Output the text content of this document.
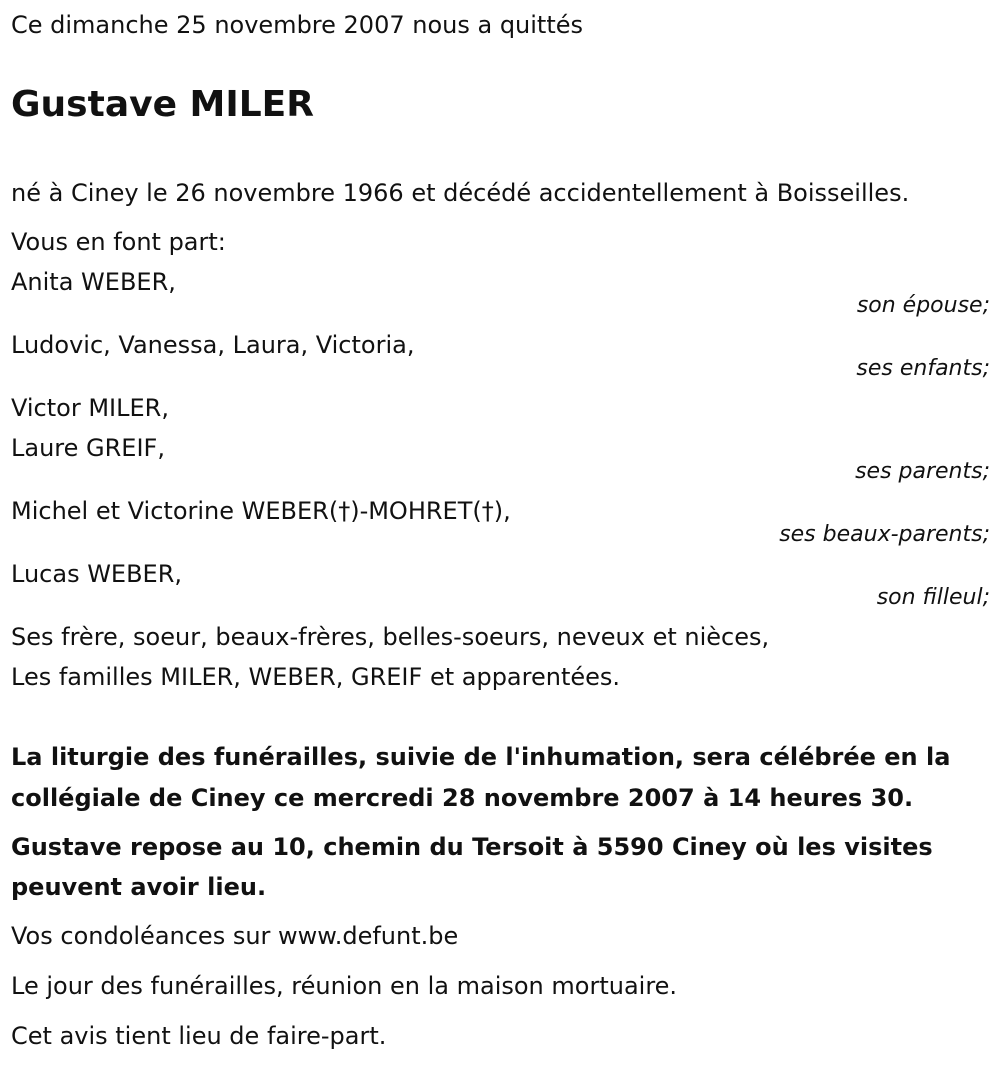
Ce dimanche 25 novembre 2007 nous a quittés
Gustave MILER
né à Ciney le 26 novembre 1966 et décédé accidentellement à Boisseilles.
Vous en font part:
Anita WEBER,
son épouse;
Ludovic, Vanessa, Laura, Victoria,
ses enfants;
Victor MILER,
Laure GREIF,
ses parents;
Michel et Victorine WEBER(†)-MOHRET(†),
ses beaux-parents;
Lucas WEBER,
son filleul;
Ses frère, soeur, beaux-frères, belles-soeurs, neveux et nièces,
Les familles MILER, WEBER, GREIF et apparentées.
La liturgie des funérailles, suivie de l'inhumation, sera célébrée en la
collégiale de Ciney ce mercredi 28 novembre 2007 à 14 heures 30.
Gustave repose au 10, chemin du Tersoit à 5590 Ciney où les visites
peuvent avoir lieu.
Vos condoléances sur www.defunt.be
Le jour des funérailles, réunion en la maison mortuaire.
Cet avis tient lieu de faire-part.
